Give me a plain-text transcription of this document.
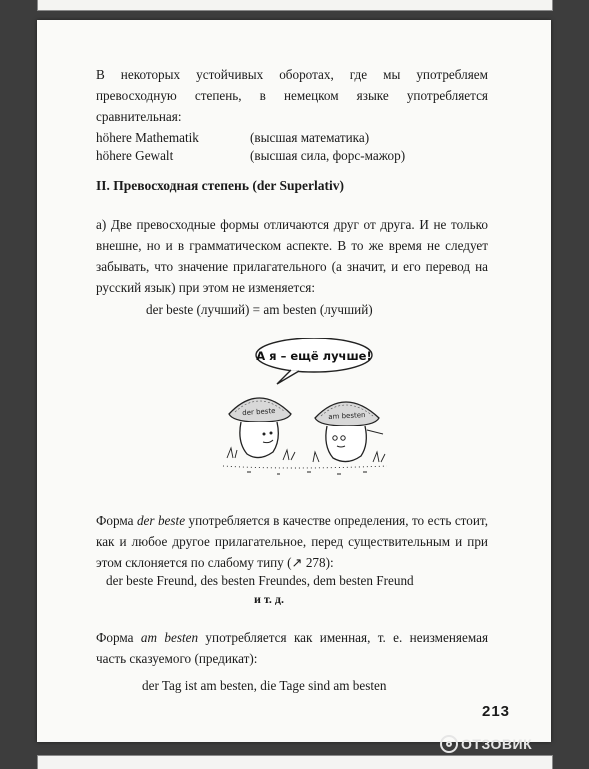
В некоторых устойчивых оборотах, где мы употребляем превосходную степень, в немецком языке употребляется сравнительная:
höhere Mathematik	(высшая математика)
höhere Gewalt	(высшая сила, форс-мажор)
II. Превосходная степень (der Superlativ)
а) Две превосходные формы отличаются друг от друга. И не только внешне, но и в грамматическом аспекте. В то же время не следует забывать, что значение прилагательного (а значит, и его перевод на русский язык) при этом не изменяется:
der beste (лучший) = am besten (лучший)
А я – ещё лучше!
der beste	am besten
Форма der beste употребляется в качестве определения, то есть стоит, как и любое другое прилагательное, перед существительным и при этом склоняется по слабому типу (↗ 278):
der beste Freund, des besten Freundes, dem besten Freund
и т. д.
Форма am besten употребляется как именная, т. е. неизменяемая часть сказуемого (предикат):
der Tag ist am besten, die Tage sind am besten
213
ОТЗОВИК
